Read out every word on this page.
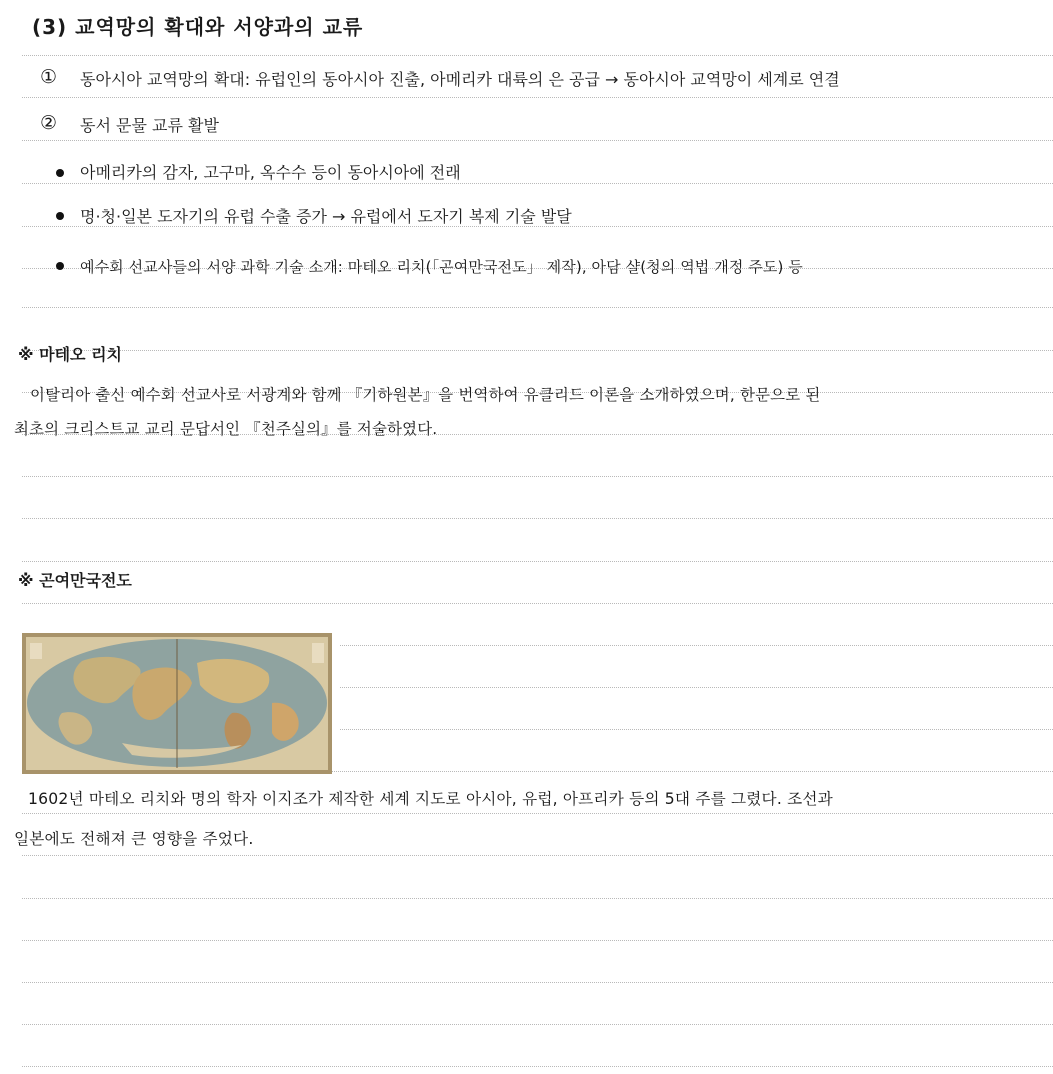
(3) 교역망의 확대와 서양과의 교류
① 동아시아 교역망의 확대: 유럽인의 동아시아 진출, 아메리카 대륙의 은 공급 → 동아시아 교역망이 세계로 연결
② 동서 문물 교류 활발
아메리카의 감자, 고구마, 옥수수 등이 동아시아에 전래
명·청·일본 도자기의 유럽 수출 증가 → 유럽에서 도자기 복제 기술 발달
예수회 선교사들의 서양 과학 기술 소개: 마테오 리치(「곤여만국전도」 제작), 아담 샬(청의 역법 개정 주도) 등
※ 마테오 리치
이탈리아 출신 예수회 선교사로 서광계와 함께 『기하원본』을 번역하여 유클리드 이론을 소개하였으며, 한문으로 된
최초의 크리스트교 교리 문답서인 『천주실의』를 저술하였다.
※ 곤여만국전도
1602년 마테오 리치와 명의 학자 이지조가 제작한 세계 지도로 아시아, 유럽, 아프리카 등의 5대 주를 그렸다. 조선과
일본에도 전해져 큰 영향을 주었다.
